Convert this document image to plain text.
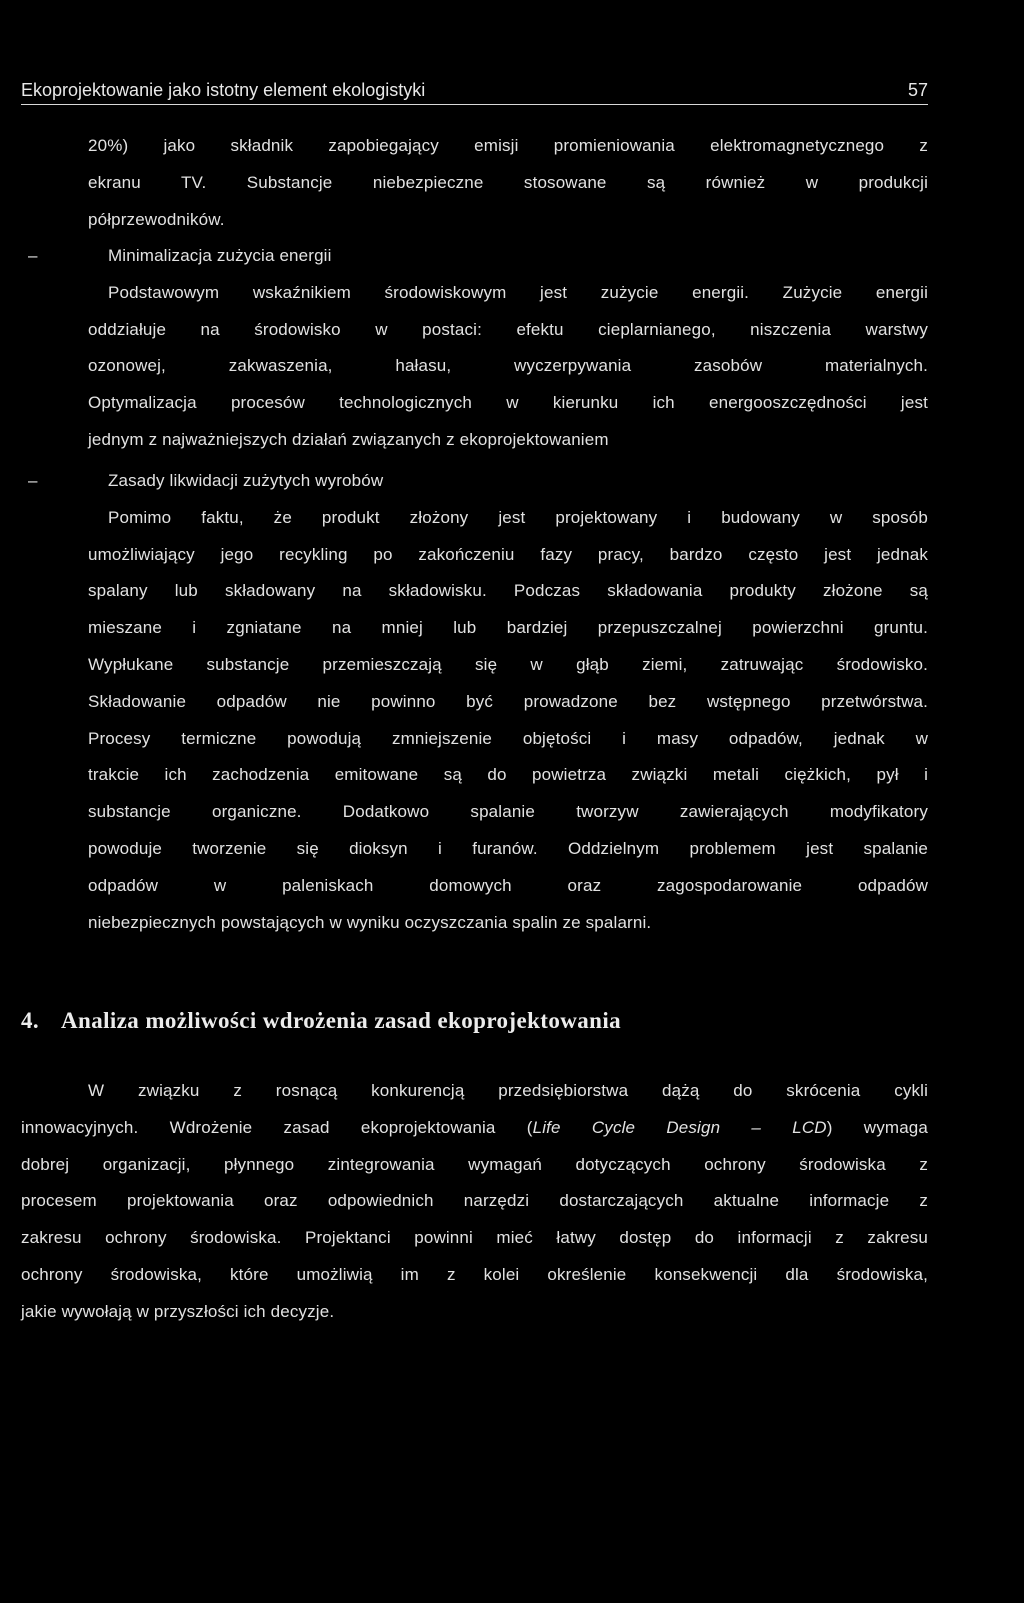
Ekoprojektowanie jako istotny element ekologistyki	57
20%) jako składnik zapobiegający emisji promieniowania elektromagnetycznego z
ekranu TV. Substancje niebezpieczne stosowane są również w produkcji
półprzewodników.
–	Minimalizacja zużycia energii
Podstawowym wskaźnikiem środowiskowym jest zużycie energii. Zużycie energii
oddziałuje na środowisko w postaci: efektu cieplarnianego, niszczenia warstwy
ozonowej, zakwaszenia, hałasu, wyczerpywania zasobów materialnych.
Optymalizacja procesów technologicznych w kierunku ich energooszczędności jest
jednym z najważniejszych działań związanych z ekoprojektowaniem
–	Zasady likwidacji zużytych wyrobów
Pomimo faktu, że produkt złożony jest projektowany i budowany w sposób
umożliwiający jego recykling po zakończeniu fazy pracy, bardzo często jest jednak
spalany lub składowany na składowisku. Podczas składowania produkty złożone są
mieszane i zgniatane na mniej lub bardziej przepuszczalnej powierzchni gruntu.
Wypłukane substancje przemieszczają się w głąb ziemi, zatruwając środowisko.
Składowanie odpadów nie powinno być prowadzone bez wstępnego przetwórstwa.
Procesy termiczne powodują zmniejszenie objętości i masy odpadów, jednak w
trakcie ich zachodzenia emitowane są do powietrza związki metali ciężkich, pył i
substancje organiczne. Dodatkowo spalanie tworzyw zawierających modyfikatory
powoduje tworzenie się dioksyn i furanów. Oddzielnym problemem jest spalanie
odpadów w paleniskach domowych oraz zagospodarowanie odpadów
niebezpiecznych powstających w wyniku oczyszczania spalin ze spalarni.
4. Analiza możliwości wdrożenia zasad ekoprojektowania
W związku z rosnącą konkurencją przedsiębiorstwa dążą do skrócenia cykli
innowacyjnych. Wdrożenie zasad ekoprojektowania (Life Cycle Design – LCD) wymaga
dobrej organizacji, płynnego zintegrowania wymagań dotyczących ochrony środowiska z
procesem projektowania oraz odpowiednich narzędzi dostarczających aktualne informacje z
zakresu ochrony środowiska. Projektanci powinni mieć łatwy dostęp do informacji z zakresu
ochrony środowiska, które umożliwią im z kolei określenie konsekwencji dla środowiska,
jakie wywołają w przyszłości ich decyzje.
